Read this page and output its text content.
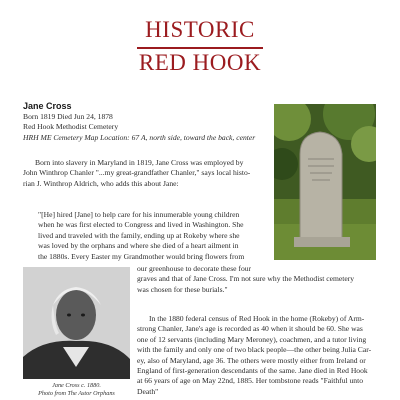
HISTORIC
RED HOOK
Jane Cross
Born 1819 Died Jun 24, 1878
Red Hook Methodist Cemetery
HRH ME Cemetery Map Location: 67 A, north side, toward the back, center
Born into slavery in Maryland in 1819, Jane Cross was employed by
John Winthrop Chanler "...my great-grandfather Chanler," says local histo-
rian J. Winthrop Aldrich, who adds this about Jane:
"[He] hired [Jane] to help care for his innumerable young children
when he was first elected to Congress and lived in Washington. She
lived and traveled with the family, ending up at Rokeby where she
was loved by the orphans and where she died of a heart ailment in
the 1880s. Every Easter my Grandmother would bring flowers from
our greenhouse to decorate these four
graves and that of Jane Cross. I'm not sure why the Methodist cemetery
was chosen for these burials."
Jane Cross c. 1880.
Photo from The Astor Orphans
In the 1880 federal census of Red Hook in the home (Rokeby) of Arm-
strong Chanler, Jane's age is recorded as 40 when it should be 60. She was
one of 12 servants (including Mary Meroney), coachmen, and a tutor living
with the family and only one of two black people—the other being Julia Car-
ey, also of Maryland, age 36. The others were mostly either from Ireland or
England of first-generation descendants of the same. Jane died in Red Hook
at 66 years of age on May 22nd, 1885. Her tombstone reads "Faithful unto
Death"
